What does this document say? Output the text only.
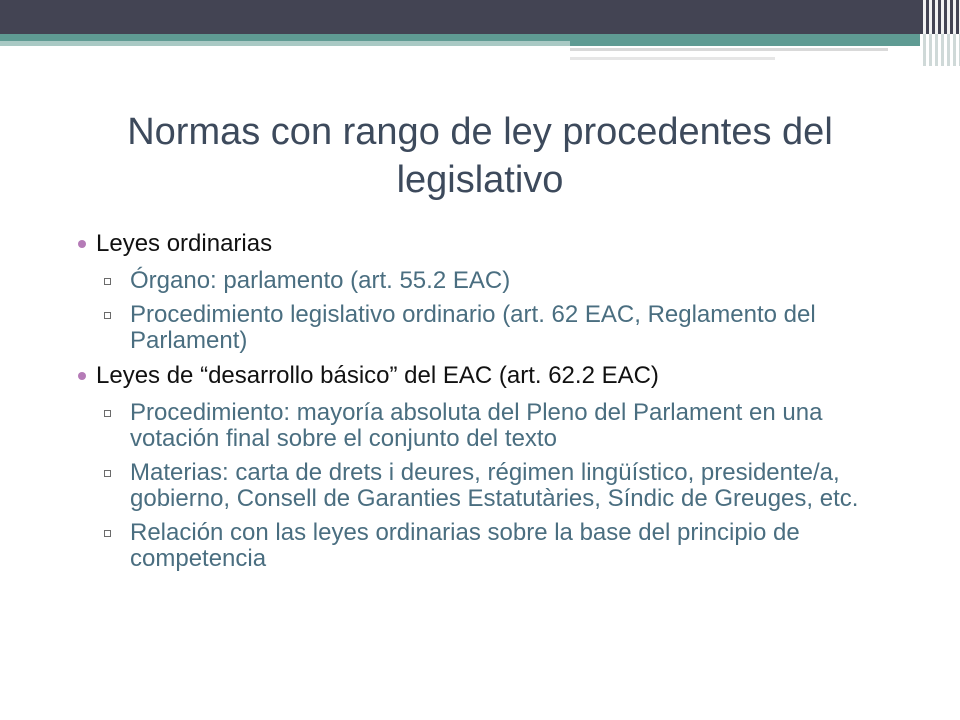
Normas con rango de ley procedentes del legislativo
Leyes ordinarias
Órgano: parlamento (art. 55.2 EAC)
Procedimiento legislativo ordinario (art. 62 EAC, Reglamento del Parlament)
Leyes de “desarrollo básico” del EAC (art. 62.2 EAC)
Procedimiento: mayoría absoluta del Pleno del Parlament en una votación final sobre el conjunto del texto
Materias: carta de drets i deures, régimen lingüístico, presidente/a, gobierno, Consell de Garanties Estatutàries, Síndic de Greuges, etc.
Relación con las leyes ordinarias sobre la base del principio de competencia
